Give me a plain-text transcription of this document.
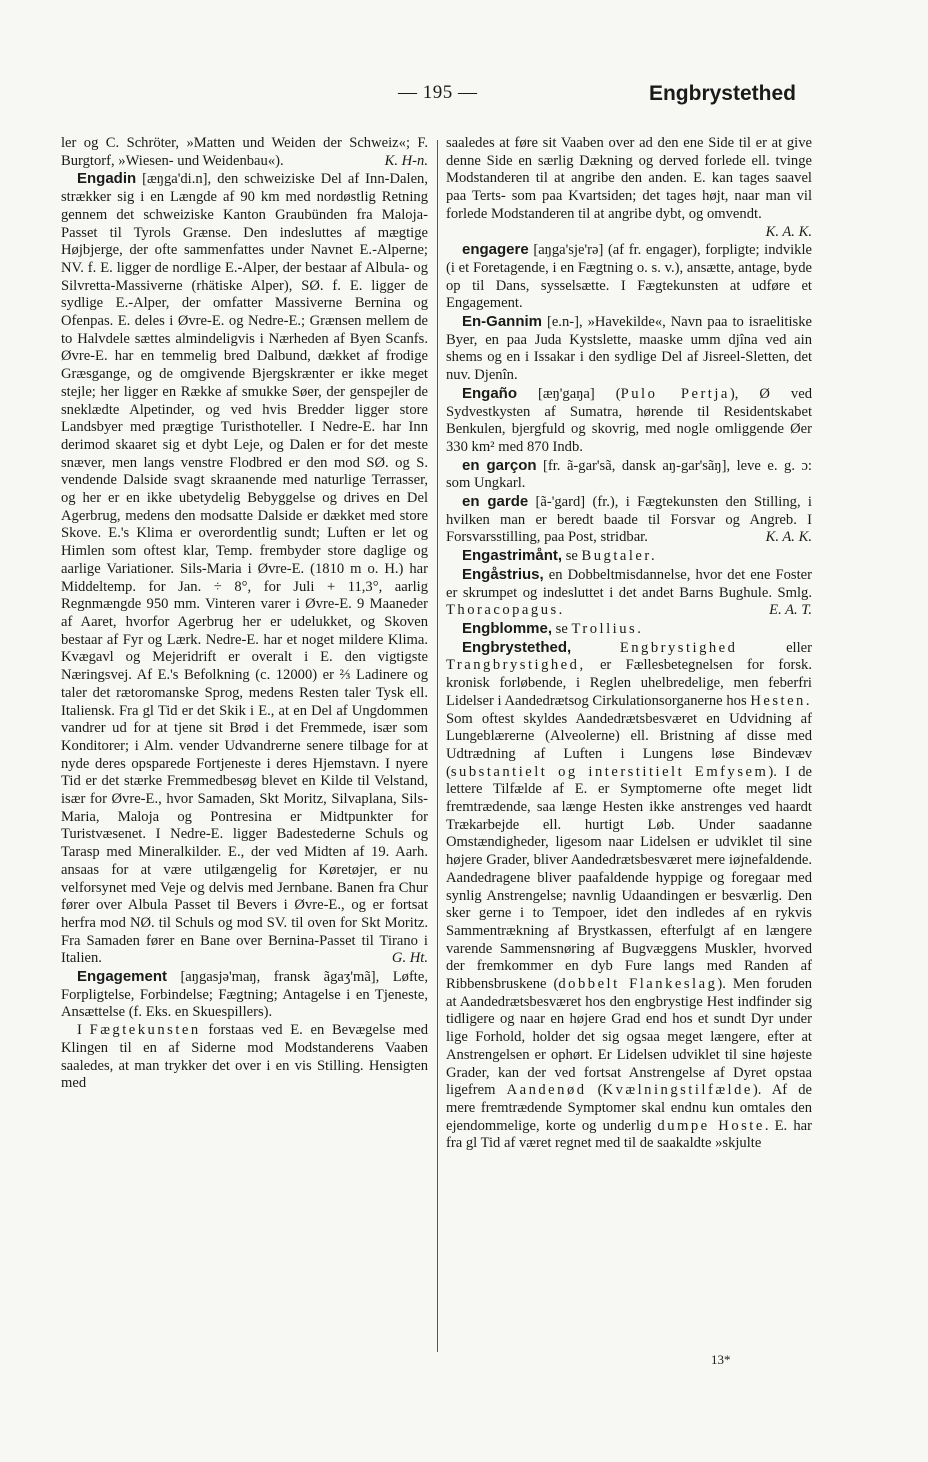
— 195 —	Engbrystethed
ler og C. Schröter, »Matten und Weiden der Schweiz«; F. Burgtorf, »Wiesen- und Weidenbau«).	K. H-n.
Engadin [æŋga'di.n], den schweiziske Del af Inn-Dalen, strækker sig i en Længde af 90 km med nordøstlig Retning gennem det schweiziske Kanton Graubünden fra Maloja-Passet til Tyrols Grænse. Den indesluttes af mægtige Højbjerge, der ofte sammenfattes under Navnet E.-Alperne; NV. f. E. ligger de nordlige E.-Alper, der bestaar af Albula- og Silvretta-Massiverne (rhätiske Alper), SØ. f. E. ligger de sydlige E.-Alper, der omfatter Massiverne Bernina og Ofenpas. E. deles i Øvre-E. og Nedre-E.; Grænsen mellem de to Halvdele sættes almindeligvis i Nærheden af Byen Scanfs. Øvre-E. har en temmelig bred Dalbund, dækket af frodige Græsgange, og de omgivende Bjergskrænter er ikke meget stejle; her ligger en Række af smukke Søer, der genspejler de sneklædte Alpetinder, og ved hvis Bredder ligger store Landsbyer med prægtige Turisthoteller. I Nedre-E. har Inn derimod skaaret sig et dybt Leje, og Dalen er for det meste snæver, men langs venstre Flodbred er den mod SØ. og S. vendende Dalside svagt skraanende med naturlige Terrasser, og her er en ikke ubetydelig Bebyggelse og drives en Del Agerbrug, medens den modsatte Dalside er dækket med store Skove. E.'s Klima er overordentlig sundt; Luften er let og Himlen som oftest klar, Temp. frembyder store daglige og aarlige Variationer. Sils-Maria i Øvre-E. (1810 m o. H.) har Middeltemp. for Jan. ÷ 8°, for Juli + 11,3°, aarlig Regnmængde 950 mm. Vinteren varer i Øvre-E. 9 Maaneder af Aaret, hvorfor Agerbrug her er udelukket, og Skoven bestaar af Fyr og Lærk. Nedre-E. har et noget mildere Klima. Kvægavl og Mejeridrift er overalt i E. den vigtigste Næringsvej. Af E.'s Befolkning (c. 12000) er ⅔ Ladinere og taler det rætoromanske Sprog, medens Resten taler Tysk ell. Italiensk. Fra gl Tid er det Skik i E., at en Del af Ungdommen vandrer ud for at tjene sit Brød i det Fremmede, især som Konditorer; i Alm. vender Udvandrerne senere tilbage for at nyde deres opsparede Fortjeneste i deres Hjemstavn. I nyere Tid er det stærke Fremmedbesøg blevet en Kilde til Velstand, især for Øvre-E., hvor Samaden, Skt Moritz, Silvaplana, Sils-Maria, Maloja og Pontresina er Midtpunkter for Turistvæsenet. I Nedre-E. ligger Badestederne Schuls og Tarasp med Mineralkilder. E., der ved Midten af 19. Aarh. ansaas for at være utilgængelig for Køretøjer, er nu velforsynet med Veje og delvis med Jernbane. Banen fra Chur fører over Albula Passet til Bevers i Øvre-E., og er fortsat herfra mod NØ. til Schuls og mod SV. til oven for Skt Moritz. Fra Samaden fører en Bane over Bernina-Passet til Tirano i Italien.	G. Ht.
Engagement [aŋgasjə'maŋ, fransk ãgaʒ'mã], Løfte, Forpligtelse, Forbindelse; Fægtning; Antagelse i en Tjeneste, Ansættelse (f. Eks. en Skuespillers).
I Fægtekunsten forstaas ved E. en Bevægelse med Klingen til en af Siderne mod Modstanderens Vaaben saaledes, at man trykker det over i en vis Stilling. Hensigten med
saaledes at føre sit Vaaben over ad den ene Side til er at give denne Side en særlig Dækning og derved forlede ell. tvinge Modstanderen til at angribe den anden. E. kan tages saavel paa Terts- som paa Kvartsiden; det tages højt, naar man vil forlede Modstanderen til at angribe dybt, og omvendt.
K. A. K.
engagere [aŋga'sje'rə] (af fr. engager), forpligte; indvikle (i et Foretagende, i en Fægtning o. s. v.), ansætte, antage, byde op til Dans, sysselsætte. I Fægtekunsten at udføre et Engagement.
En-Gannim [e.n-], »Havekilde«, Navn paa to israelitiske Byer, en paa Juda Kystslette, maaske umm djîna ved ain shems og en i Issakar i den sydlige Del af Jisreel-Sletten, det nuv. Djenîn.
Engaño [æŋ'gaŋa] (Pulo Pertja), Ø ved Sydvestkysten af Sumatra, hørende til Residentskabet Benkulen, bjergfuld og skovrig, med nogle omliggende Øer 330 km² med 870 Indb.
en garçon [fr. ã-gar'sã, dansk aŋ-gar'sãŋ], leve e. g. ɔ: som Ungkarl.
en garde [ã-'gard] (fr.), i Fægtekunsten den Stilling, i hvilken man er beredt baade til Forsvar og Angreb. I Forsvarsstilling, paa Post, stridbar.	K. A. K.
Engastrimånt, se Bugtaler.
Engåstrius, en Dobbeltmisdannelse, hvor det ene Foster er skrumpet og indesluttet i det andet Barns Bughule. Smlg. Thoracopagus.	E. A. T.
Engblomme, se Trollius.
Engbrystethed,	Engbrystighed	eller Trangbrystighed, er Fællesbetegnelsen for forsk. kronisk forløbende, i Reglen uhelbredelige, men feberfri Lidelser i Aandedrætsog Cirkulationsorganerne hos Hesten. Som oftest skyldes Aandedrætsbesværet en Udvidning af Lungeblærerne (Alveolerne) ell. Bristning af disse med Udtrædning af Luften i Lungens løse Bindevæv (substantielt og interstitielt Emfysem). I de lettere Tilfælde af E. er Symptomerne ofte meget lidt fremtrædende, saa længe Hesten ikke anstrenges ved haardt Trækarbejde ell. hurtigt Løb. Under saadanne Omstændigheder, ligesom naar Lidelsen er udviklet til sine højere Grader, bliver Aandedrætsbesværet mere iøjnefaldende. Aandedragene bliver paafaldende hyppige og foregaar med synlig Anstrengelse; navnlig Udaandingen er besværlig. Den sker gerne i to Tempoer, idet den indledes af en rykvis Sammentrækning af Brystkassen, efterfulgt af en længere varende Sammensnøring af Bugvæggens Muskler, hvorved der fremkommer en dyb Fure langs med Randen af Ribbensbruskene (dobbelt Flankeslag). Men foruden at Aandedrætsbesværet hos den engbrystige Hest indfinder sig tidligere og naar en højere Grad end hos et sundt Dyr under lige Forhold, holder det sig ogsaa meget længere, efter at Anstrengelsen er ophørt. Er Lidelsen udviklet til sine højeste Grader, kan der ved fortsat Anstrengelse af Dyret opstaa ligefrem Aandenød (Kvælningstilfælde). Af de mere fremtrædende Symptomer skal endnu kun omtales den ejendommelige, korte og underlig dumpe Hoste. E. har fra gl Tid af været regnet med til de saakaldte »skjulte
13*
